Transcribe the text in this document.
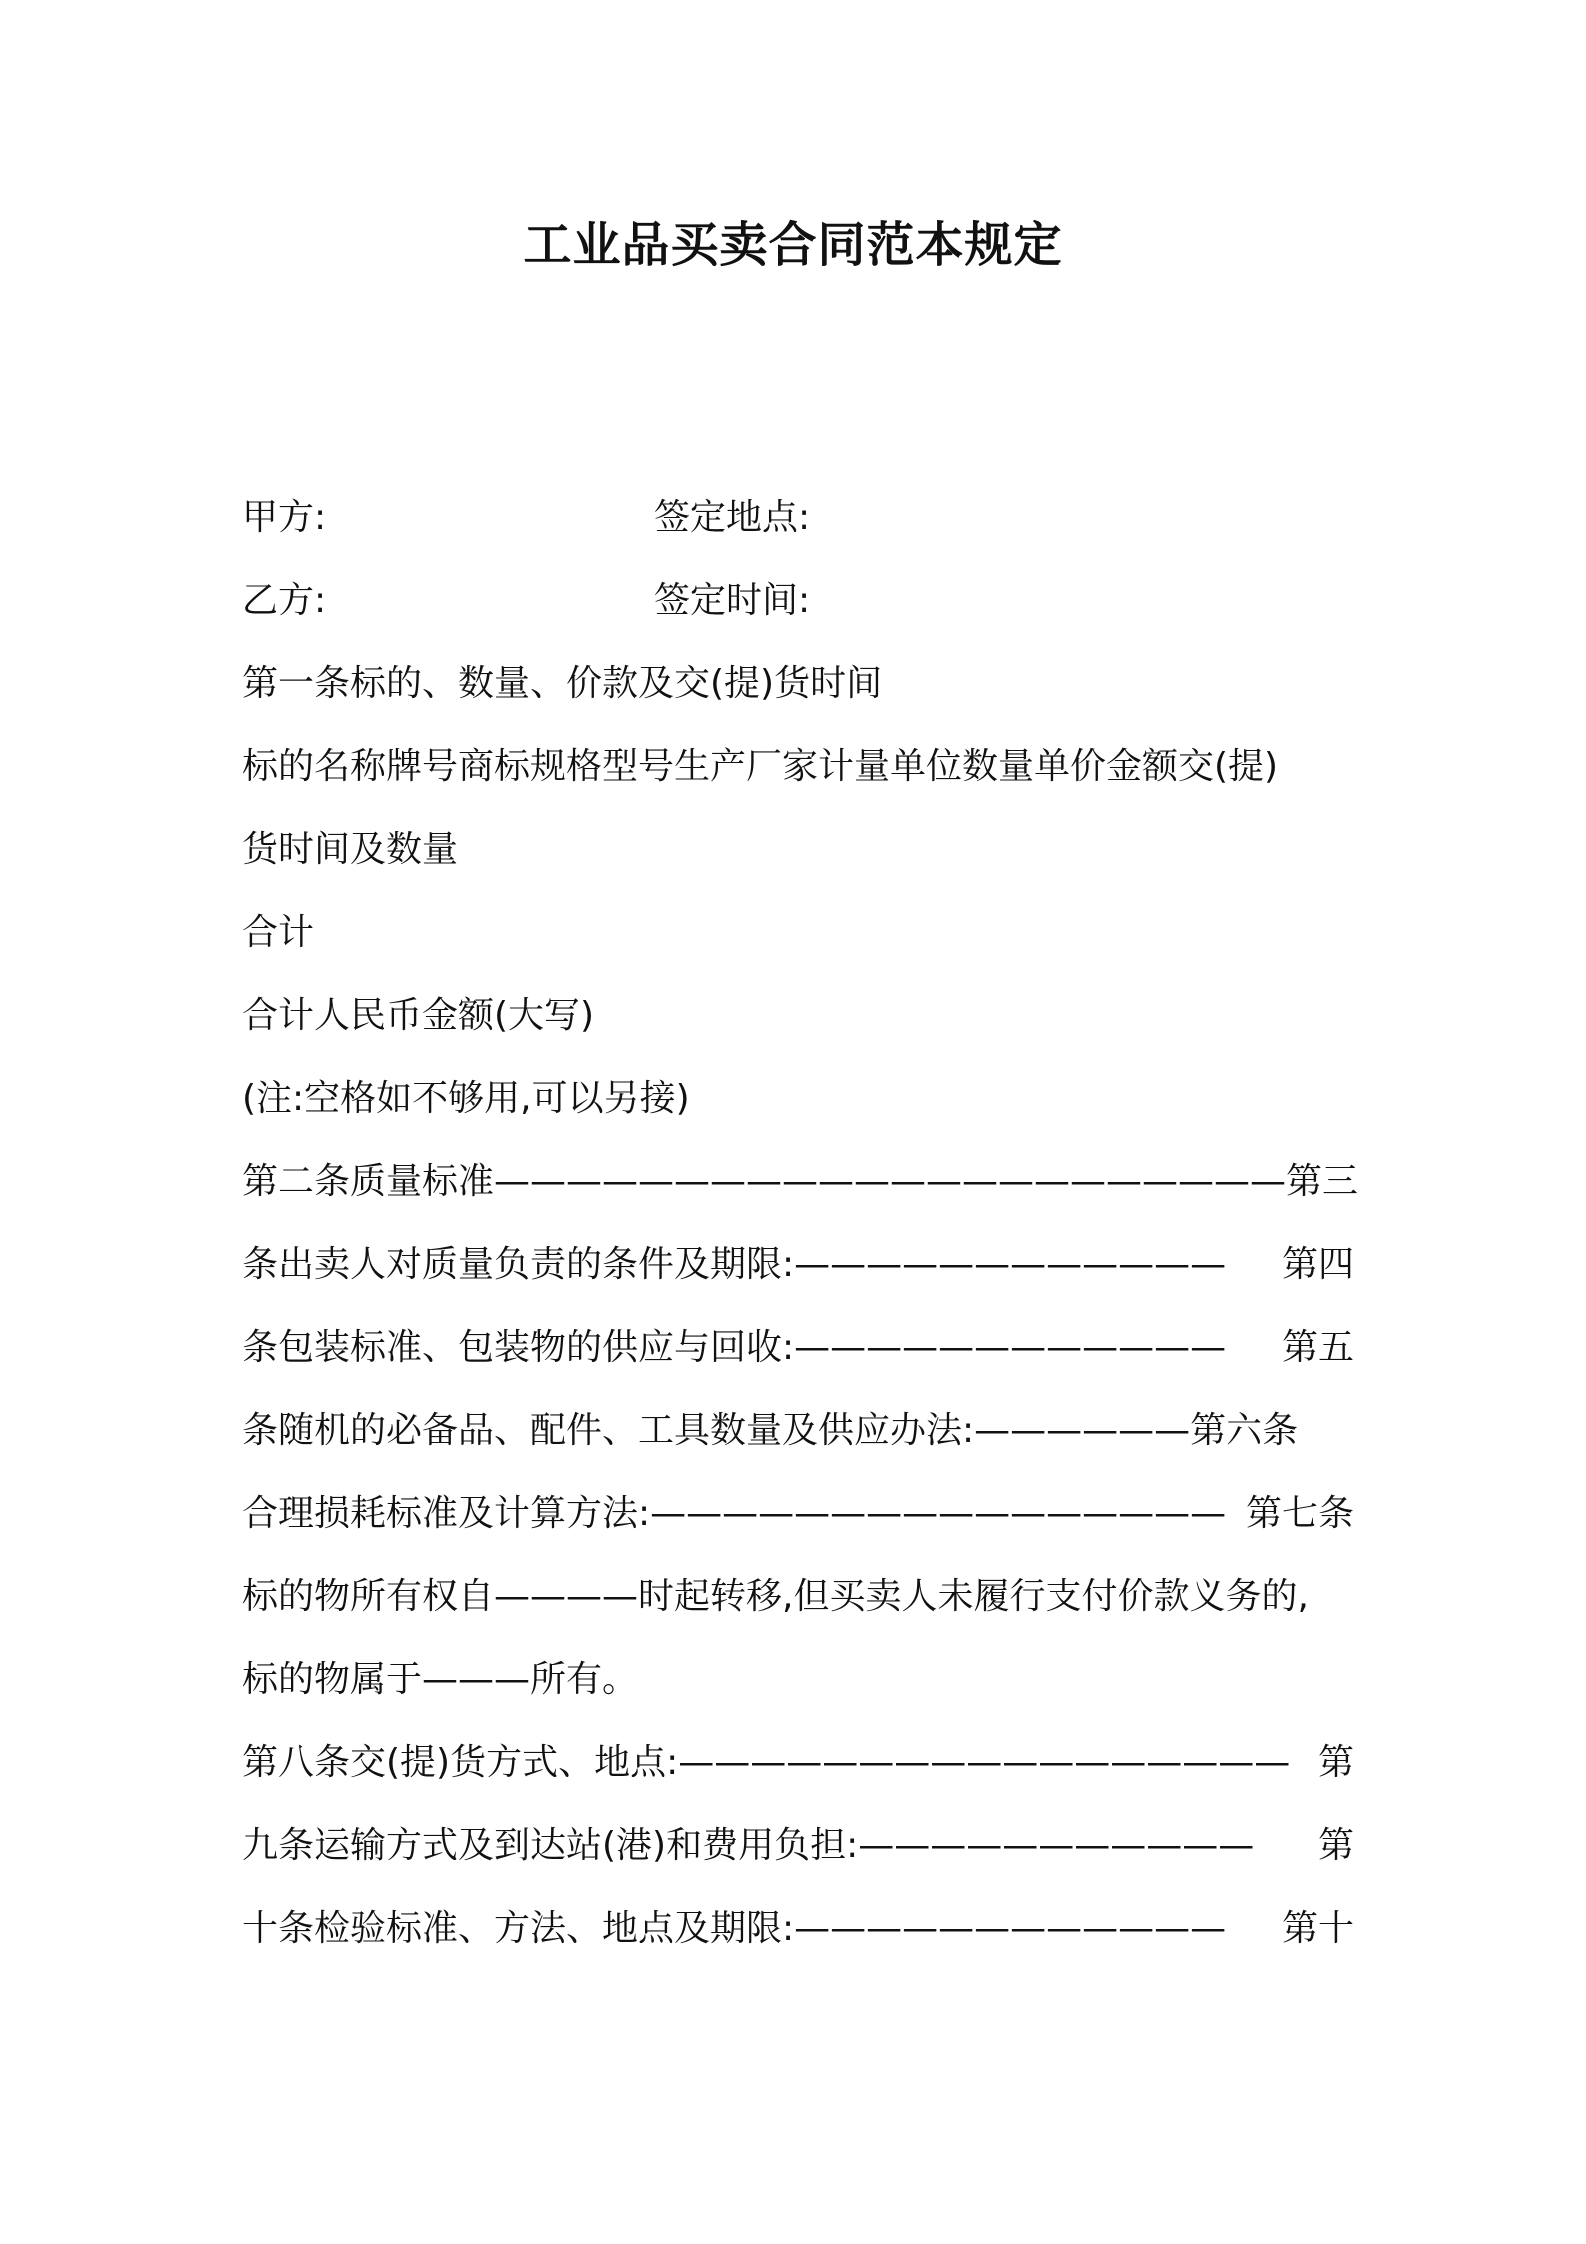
工业品买卖合同范本规定
甲方:	签定地点:
乙方:	签定时间:
第一条标的、数量、价款及交(提)货时间
标的名称牌号商标规格型号生产厂家计量单位数量单价金额交(提)
货时间及数量
合计
合计人民币金额(大写)
(注:空格如不够用,可以另接)
第二条质量标准—————————————————————— 第三
条出卖人对质量负责的条件及期限:———————————— 第四
条包装标准、包装物的供应与回收:———————————— 第五
条随机的必备品、配件、工具数量及供应办法:——————第六条
合理损耗标准及计算方法:———————————————— 第七条
标的物所有权自————时起转移,但买卖人未履行支付价款义务的,
标的物属于———所有。
第八条交(提)货方式、地点:————————————————— 第
九条运输方式及到达站(港)和费用负担:——————————— 第
十条检验标准、方法、地点及期限:———————————— 第十
